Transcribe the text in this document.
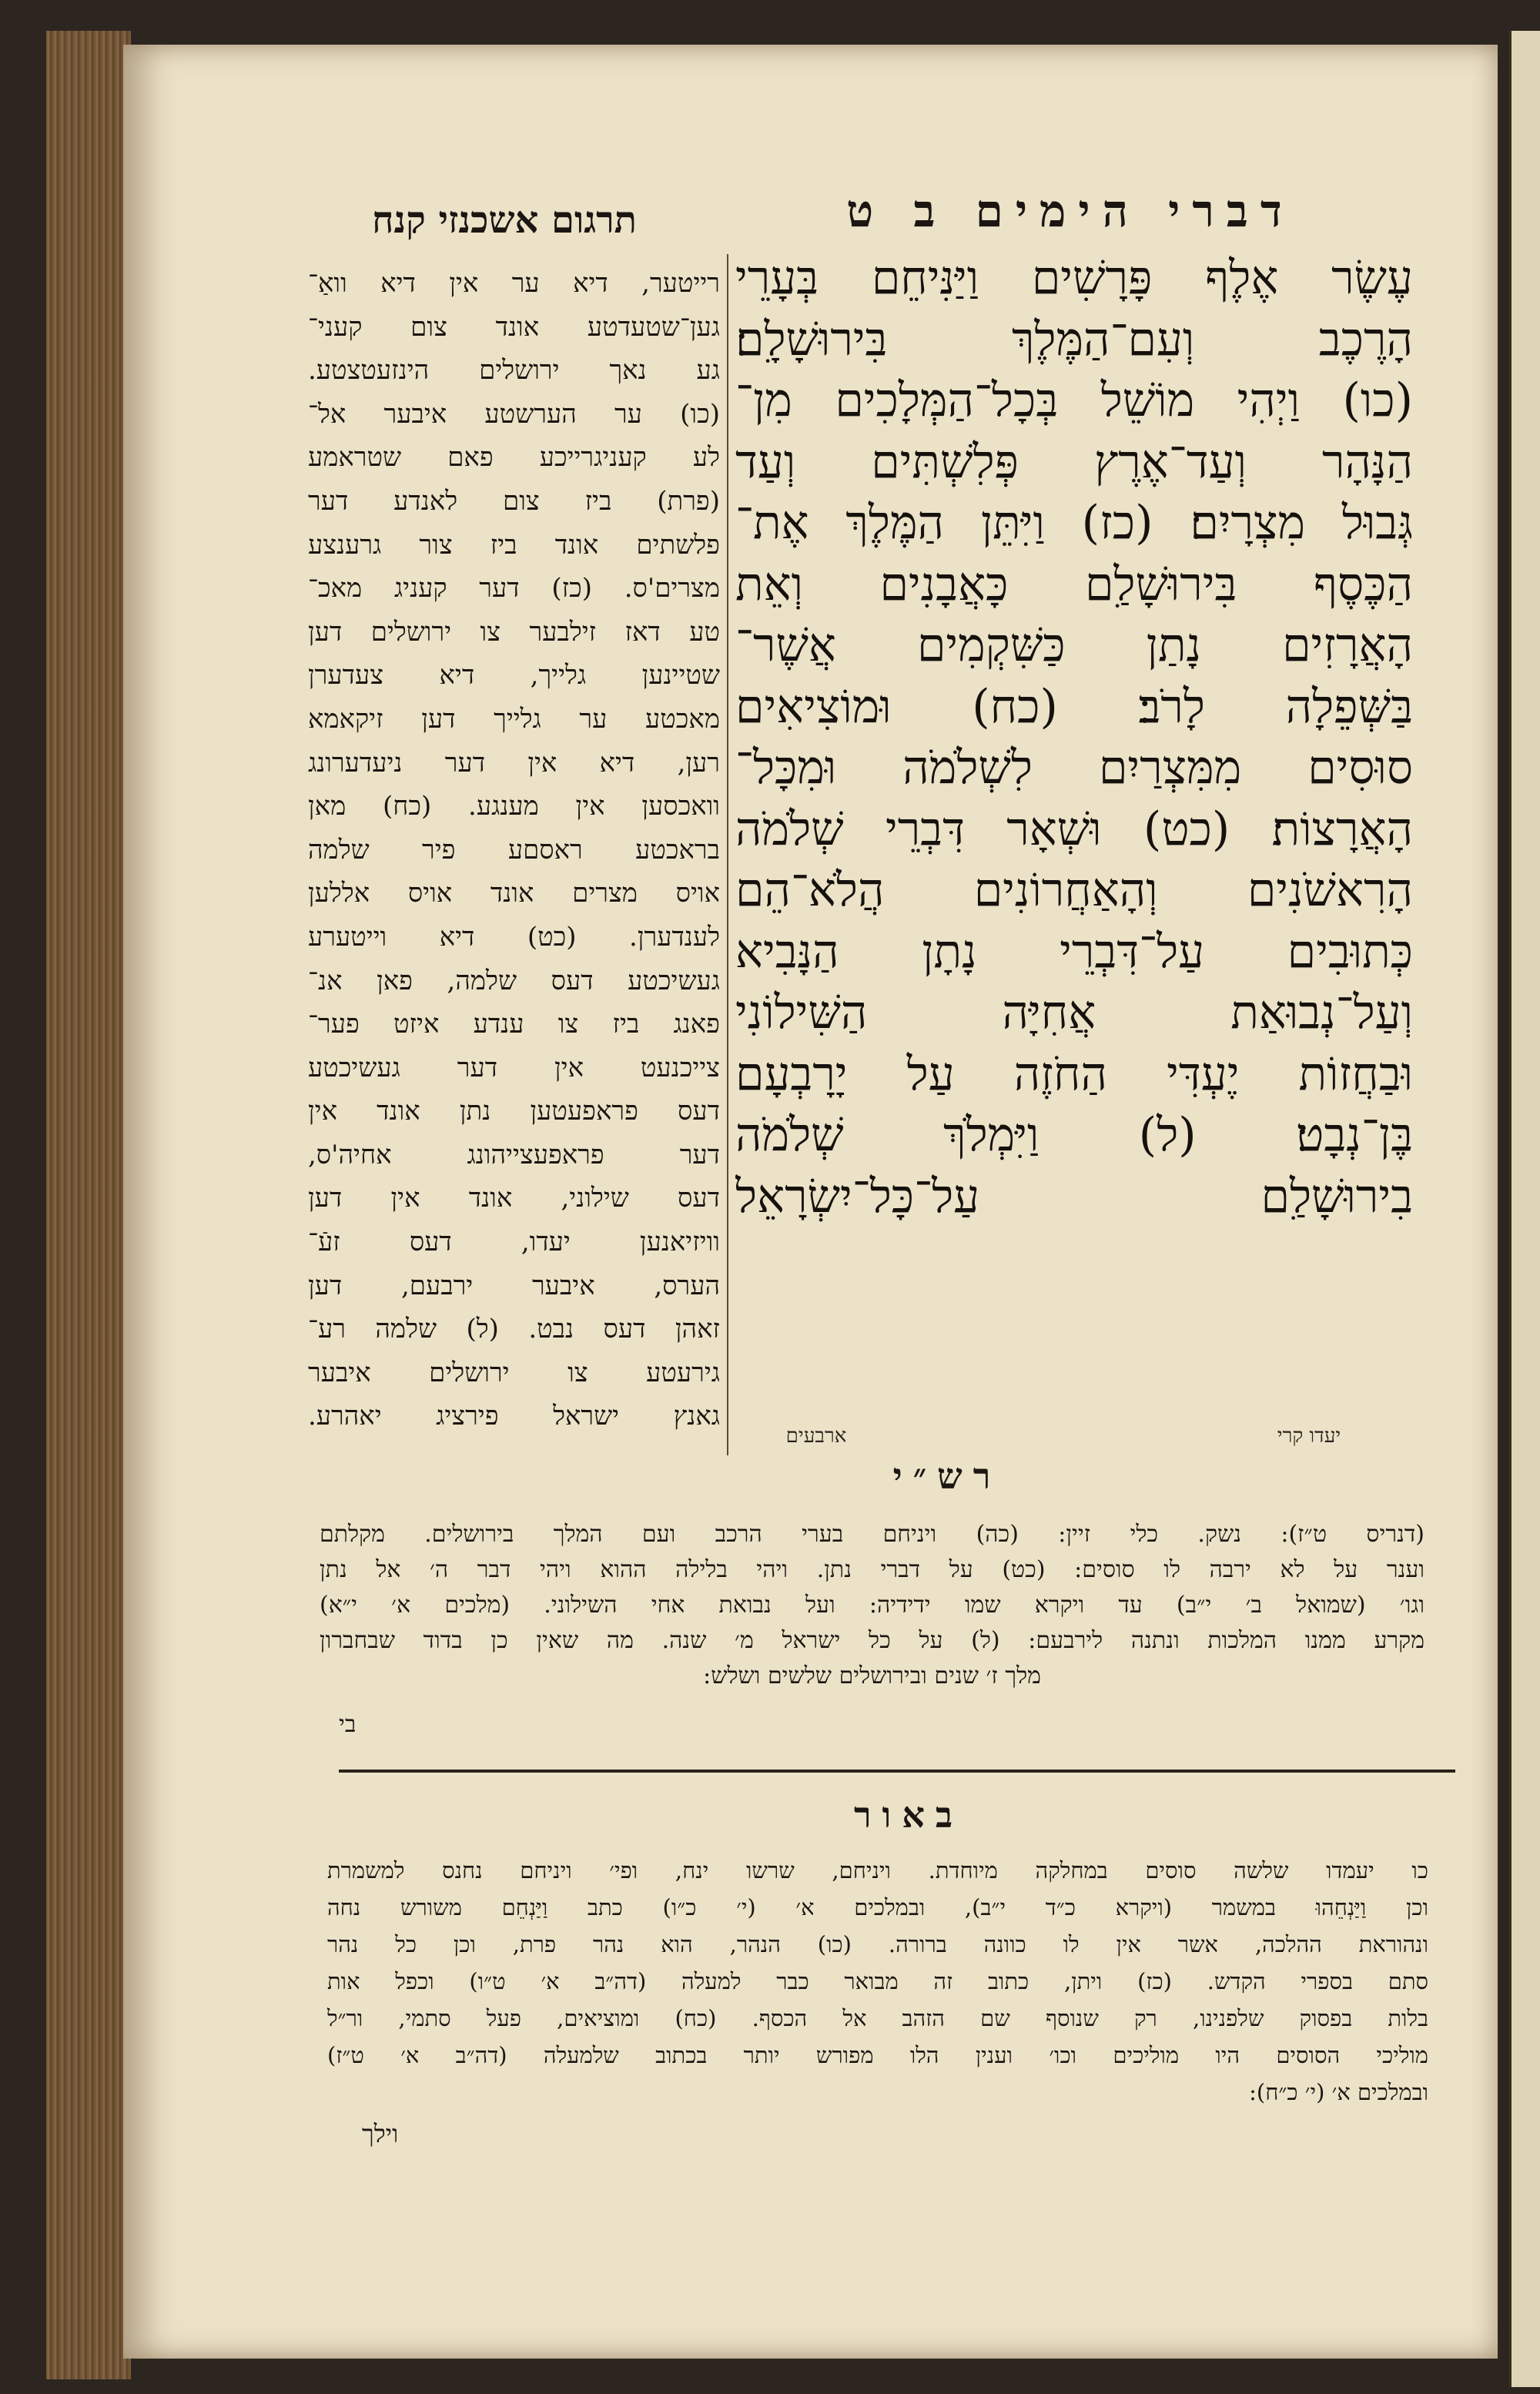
דברי הימים ב ט
תרגום אשכנזי קנח
עֶשֶׂר אֶלֶף פָּרָשִׁים וַיַּנִּיחֵם בְּעָרֵי
הָרֶכֶב וְעִם־הַמֶּלֶךְ בִּירוּשָׁלִָם׃
(כו) וַיְהִי מוֹשֵׁל בְּכָל־הַמְּלָכִים מִן־
הַנָּהָר וְעַד־אֶרֶץ פְּלִשְׁתִּים וְעַד
גְּבוּל מִצְרָיִם׃ (כז) וַיִּתֵּן הַמֶּלֶךְ אֶת־
הַכֶּסֶף בִּירוּשָׁלִַם כָּאֲבָנִים וְאֵת
הָאֲרָזִים נָתַן כַּשִּׁקְמִים אֲשֶׁר־
בַּשְּׁפֵלָה לָרֹב׃ (כח) וּמוֹצִיאִים
סוּסִים מִמִּצְרַיִם לִשְׁלֹמֹה וּמִכָּל־
הָאֲרָצוֹת׃ (כט) וּשְׁאָר דִּבְרֵי שְׁלֹמֹה
הָרִאשֹׁנִים וְהָאַחֲרוֹנִים הֲלֹא־הֵם
כְּתוּבִים עַל־דִּבְרֵי נָתָן הַנָּבִיא
וְעַל־נְבוּאַת אֲחִיָּה הַשִּׁילוֹנִי
וּבַחֲזוֹת יֶעְדִּי הַחֹזֶה עַל יָרָבְעָם
בֶּן־נְבָט׃ (ל) וַיִּמְלֹךְ שְׁלֹמֹה
בִירוּשָׁלִַם עַל־כָּל־יִשְׂרָאֵל
רייטער, דיא ער אין דיא וואַ־
גען־שטעדטע אונד צום קעני־
גע נאך ירושלים הינזעטצטע.
(כו) ער הערשטע איבער אל־
לע קעניגרייכע פאם שטראמע
(פרת) ביז צום לאנדע דער
פלשתים אונד ביז צור גרענצע
מצרים'ס. (כז) דער קעניג מאכ־
טע דאז זילבער צו ירושלים דען
שטיינען גלייך, דיא צעדערן
מאכטע ער גלייך דען זיקאמא
רען, דיא אין דער ניעדערונג
וואכסען אין מענגע. (כח) מאן
בראכטע ראסםע פיר שלמה
אויס מצרים אונד אויס אללען
לענדערן. (כט) דיא וייטערע
געשיכטע דעס שלמה, פאן אנ־
פאנג ביז צו ענדע איזט פער־
צייכנעט אין דער געשיכטע
דעס פראפעטען נתן אונד אין
דער פראפעצייהונג אחיה'ס,
דעס שילוני, אונד אין דען
וויזיאנען יעדו, דעס זעֿ־
הערס, איבער ירבעם, דען
זאהן דעס נבט. (ל) שלמה רע־
גירעטע צו ירושלים איבער
גאנץ ישראל פירציג יאהרע.
יעדו קרי
ארבעים
רש״י
(דנריס ט״ז): נשק. כלי זיין: (כה) ויניחם בערי הרכב ועם המלך בירושלים. מקלתם
וענר על לא ירבה לו סוסים: (כט) על דברי נתן. ויהי בלילה ההוא ויהי דבר ה׳ אל נתן
וגו׳ (שמואל ב׳ י״ב) עד ויקרא שמו ידידיה: ועל נבואת אחי השילוני. (מלכים א׳ י״א)
מקרע ממנו המלכות ונתנה לירבעם: (ל) על כל ישראל מ׳ שנה. מה שאין כן בדוד שבחברון
מלך ז׳ שנים ובירושלים שלשים ושלש:
בי
באור
כו יעמדו שלשה סוסים במחלקה מיוחדת. ויניחם, שרשו ינח, ופי׳ ויניחם נחנס למשמרת
וכן וַיַּנְחֵהוּ במשמר (ויקרא כ״ד י״ב), ובמלכים א׳ (י׳ כ״ו) כתב וַיַּנְחֵם משורש נחה
ונהוראת ההלכה, אשר אין לו כוונה ברורה. (כו) הנהר, הוא נהר פרת, וכן כל נהר
סתם בספרי הקדש. (כז) ויתן, כתוב זה מבואר כבר למעלה (דה״ב א׳ ט״ו) וכפל אות
בלות בפסוק שלפנינו, רק שנוסף שם הזהב אל הכסף. (כח) ומוציאים, פעל סתמי, ור״ל
מוליכי הסוסים היו מוליכים וכו׳ וענין הלו מפורש יותר בכתוב שלמעלה (דה״ב א׳ ט״ז)
ובמלכים א׳ (י׳ כ״ח):
וילך
